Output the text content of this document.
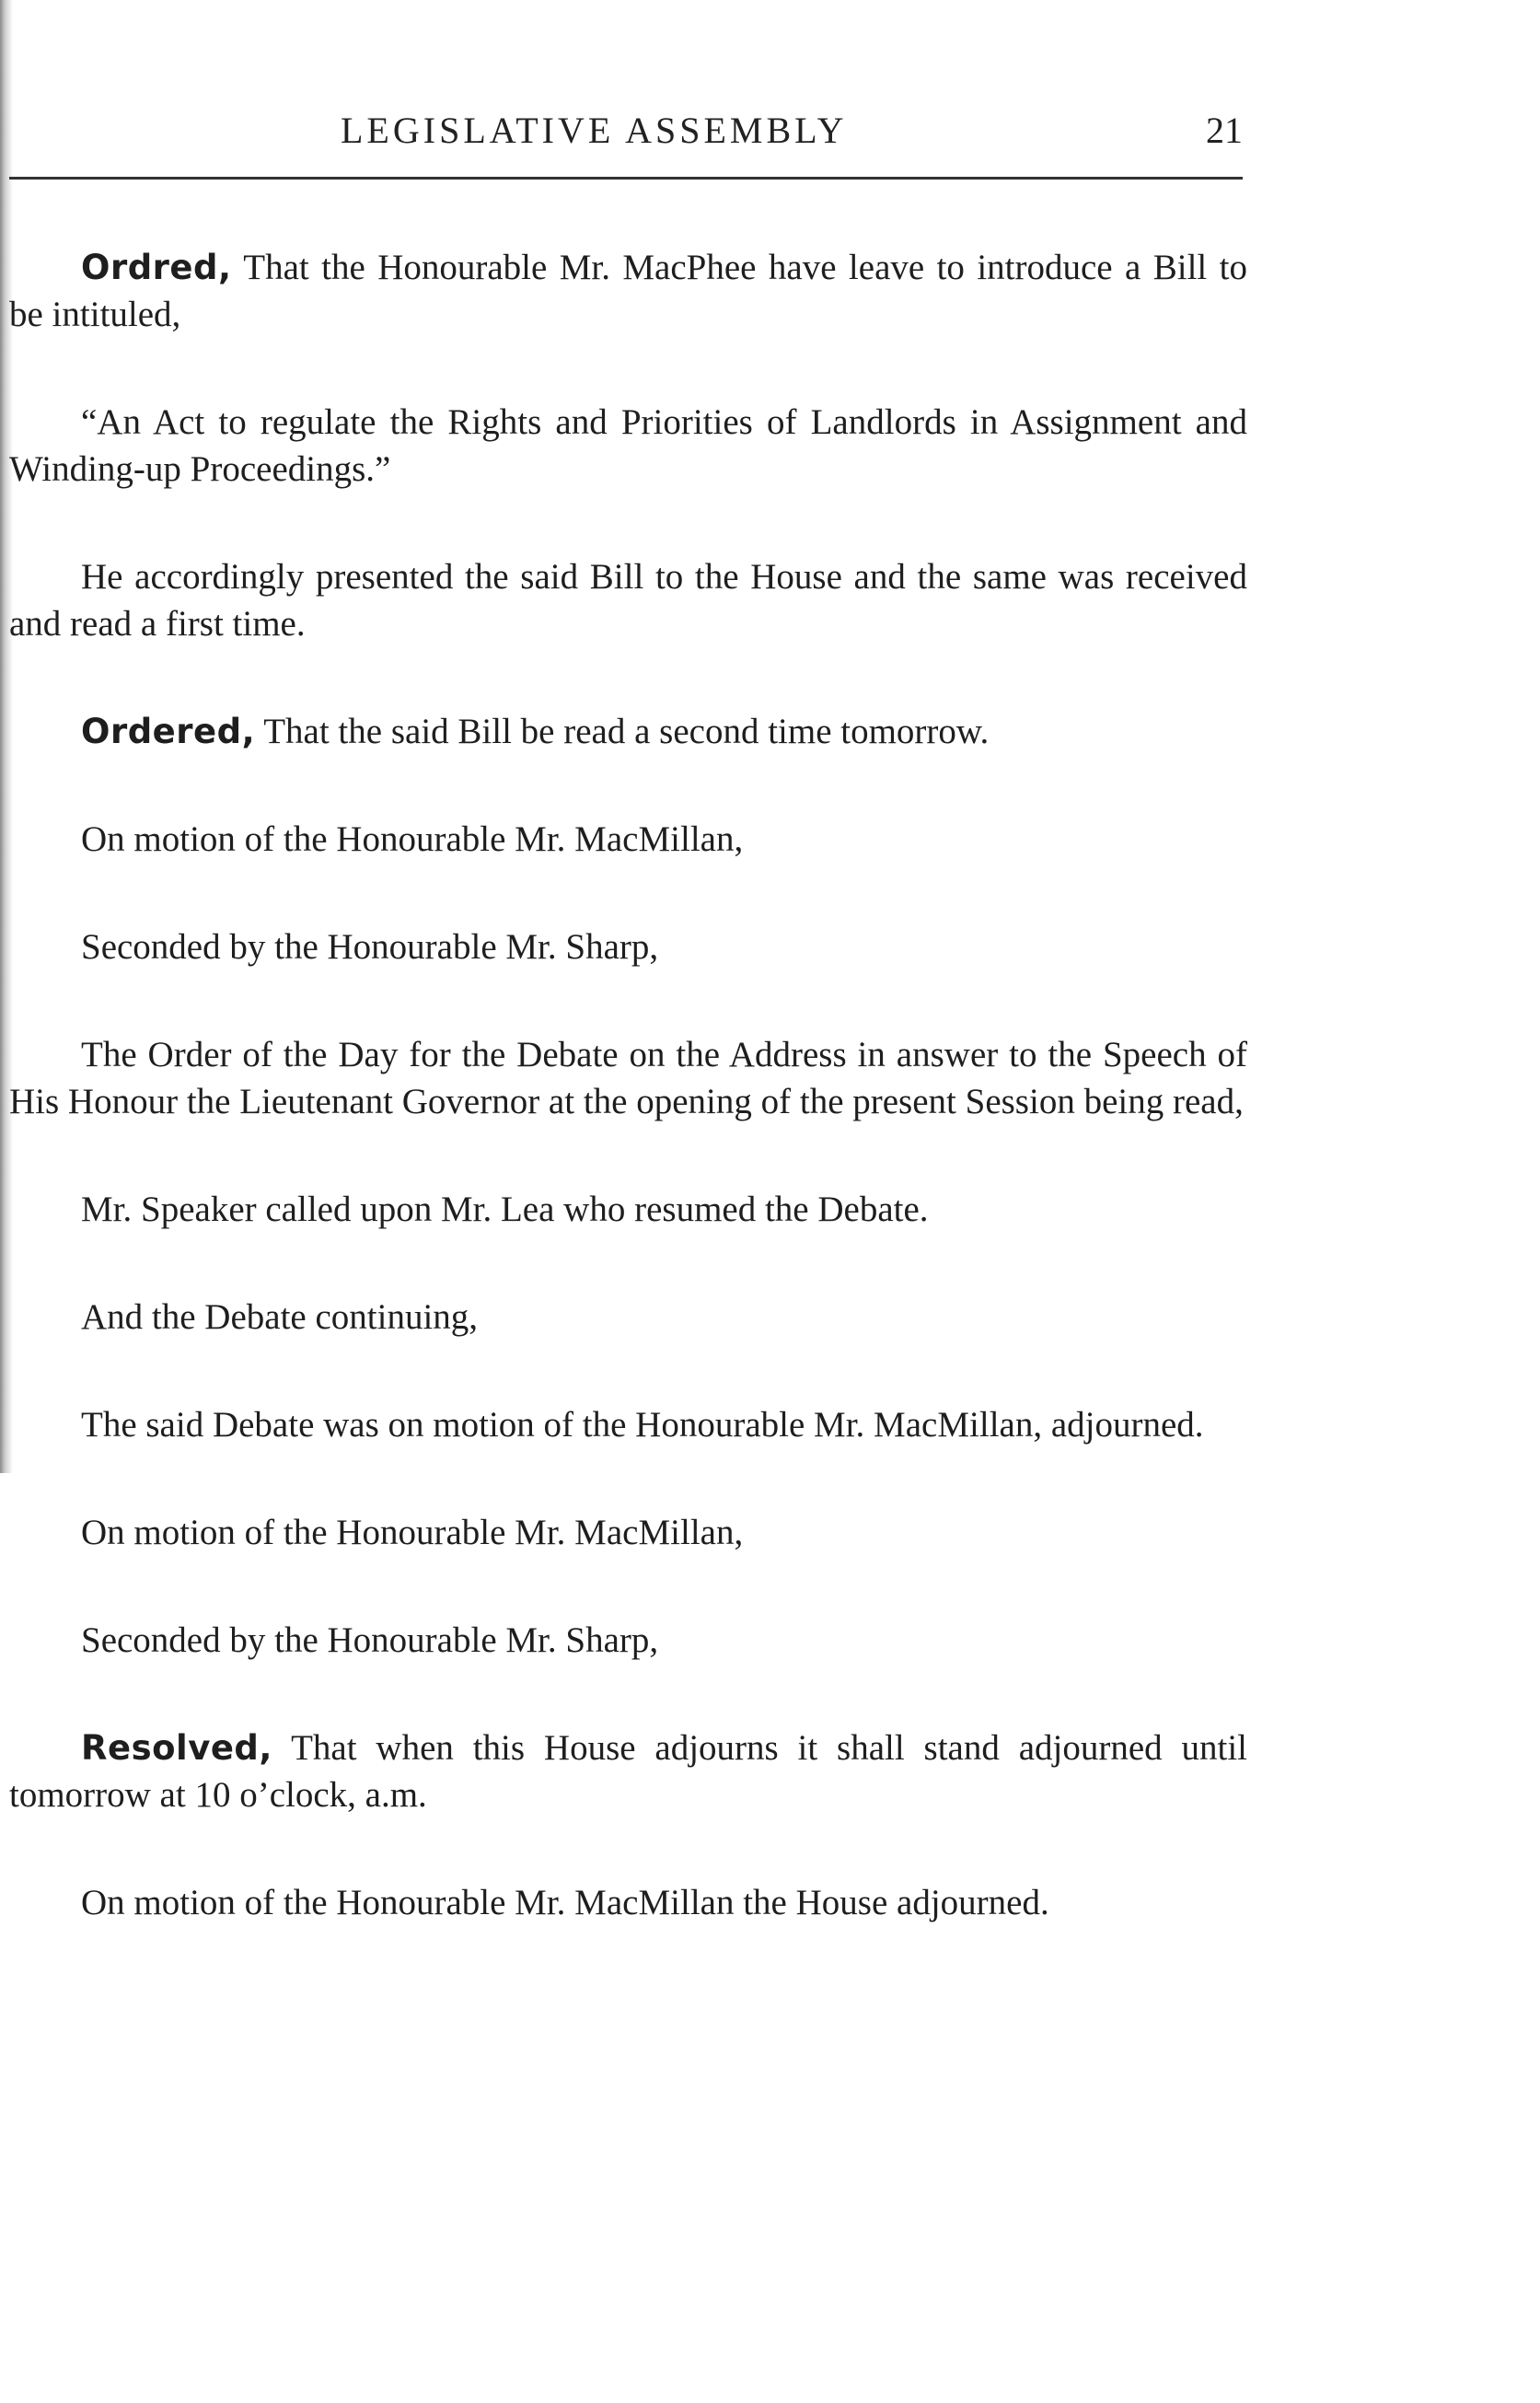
LEGISLATIVE ASSEMBLY	21

Ordred, That the Honourable Mr. MacPhee have leave to introduce a Bill to be intituled,

“An Act to regulate the Rights and Priorities of Landlords in Assignment and Winding-up Proceedings.”

He accordingly presented the said Bill to the House and the same was received and read a first time.

Ordered, That the said Bill be read a second time tomorrow.

On motion of the Honourable Mr. MacMillan,

Seconded by the Honourable Mr. Sharp,

The Order of the Day for the Debate on the Address in answer to the Speech of His Honour the Lieutenant Governor at the opening of the present Session being read,

Mr. Speaker called upon Mr. Lea who resumed the Debate.

And the Debate continuing,

The said Debate was on motion of the Honourable Mr. MacMillan, adjourned.

On motion of the Honourable Mr. MacMillan,

Seconded by the Honourable Mr. Sharp,

Resolved, That when this House adjourns it shall stand adjourned until tomorrow at 10 o’clock, a.m.

On motion of the Honourable Mr. MacMillan the House adjourned.
